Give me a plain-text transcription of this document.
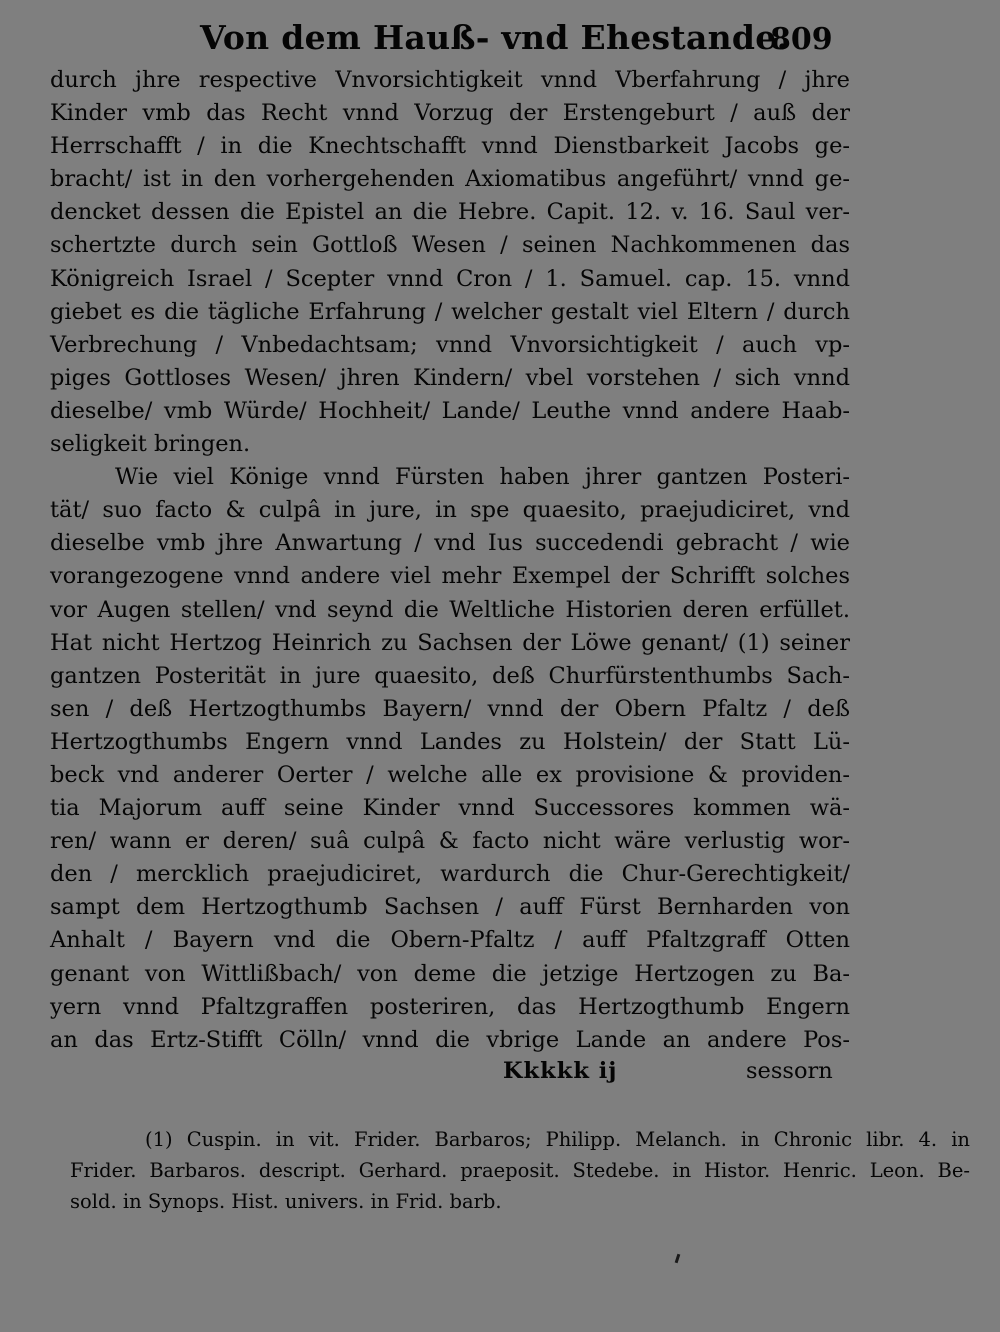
Von dem Hauß- vnd Ehestande.
809
durch jhre respective Vnvorsichtigkeit vnnd Vberfahrung / jhre
Kinder vmb das Recht vnnd Vorzug der Erstengeburt / auß der
Herrschafft / in die Knechtschafft vnnd Dienstbarkeit Jacobs ge-
bracht/ ist in den vorhergehenden Axiomatibus angeführt/ vnnd ge-
dencket dessen die Epistel an die Hebre. Capit. 12. v. 16. Saul ver-
schertzte durch sein Gottloß Wesen / seinen Nachkommenen das
Königreich Israel / Scepter vnnd Cron / 1. Samuel. cap. 15. vnnd
giebet es die tägliche Erfahrung / welcher gestalt viel Eltern / durch
Verbrechung / Vnbedachtsam; vnnd Vnvorsichtigkeit / auch vp-
piges Gottloses Wesen/ jhren Kindern/ vbel vorstehen / sich vnnd
dieselbe/ vmb Würde/ Hochheit/ Lande/ Leuthe vnnd andere Haab-
seligkeit bringen.
Wie viel Könige vnnd Fürsten haben jhrer gantzen Posteri-
tät/ suo facto & culpâ in jure, in spe quaesito, praejudiciret, vnd
dieselbe vmb jhre Anwartung / vnd Ius succedendi gebracht / wie
vorangezogene vnnd andere viel mehr Exempel der Schrifft solches
vor Augen stellen/ vnd seynd die Weltliche Historien deren erfüllet.
Hat nicht Hertzog Heinrich zu Sachsen der Löwe genant/ (1) seiner
gantzen Posterität in jure quaesito, deß Churfürstenthumbs Sach-
sen / deß Hertzogthumbs Bayern/ vnnd der Obern Pfaltz / deß
Hertzogthumbs Engern vnnd Landes zu Holstein/ der Statt Lü-
beck vnd anderer Oerter / welche alle ex provisione & providen-
tia Majorum auff seine Kinder vnnd Successores kommen wä-
ren/ wann er deren/ suâ culpâ & facto nicht wäre verlustig wor-
den / mercklich praejudiciret, wardurch die Chur-Gerechtigkeit/
sampt dem Hertzogthumb Sachsen / auff Fürst Bernharden von
Anhalt / Bayern vnd die Obern-Pfaltz / auff Pfaltzgraff Otten
genant von Wittlißbach/ von deme die jetzige Hertzogen zu Ba-
yern vnnd Pfaltzgraffen posteriren, das Hertzogthumb Engern
an das Ertz-Stifft Cölln/ vnnd die vbrige Lande an andere Pos-
Kkkkk ij	sessorn
(1) Cuspin. in vit. Frider. Barbaros; Philipp. Melanch. in Chronic libr. 4. in
Frider. Barbaros. descript. Gerhard. praeposit. Stedebe. in Histor. Henric. Leon. Be-
sold. in Synops. Hist. univers. in Frid. barb.
